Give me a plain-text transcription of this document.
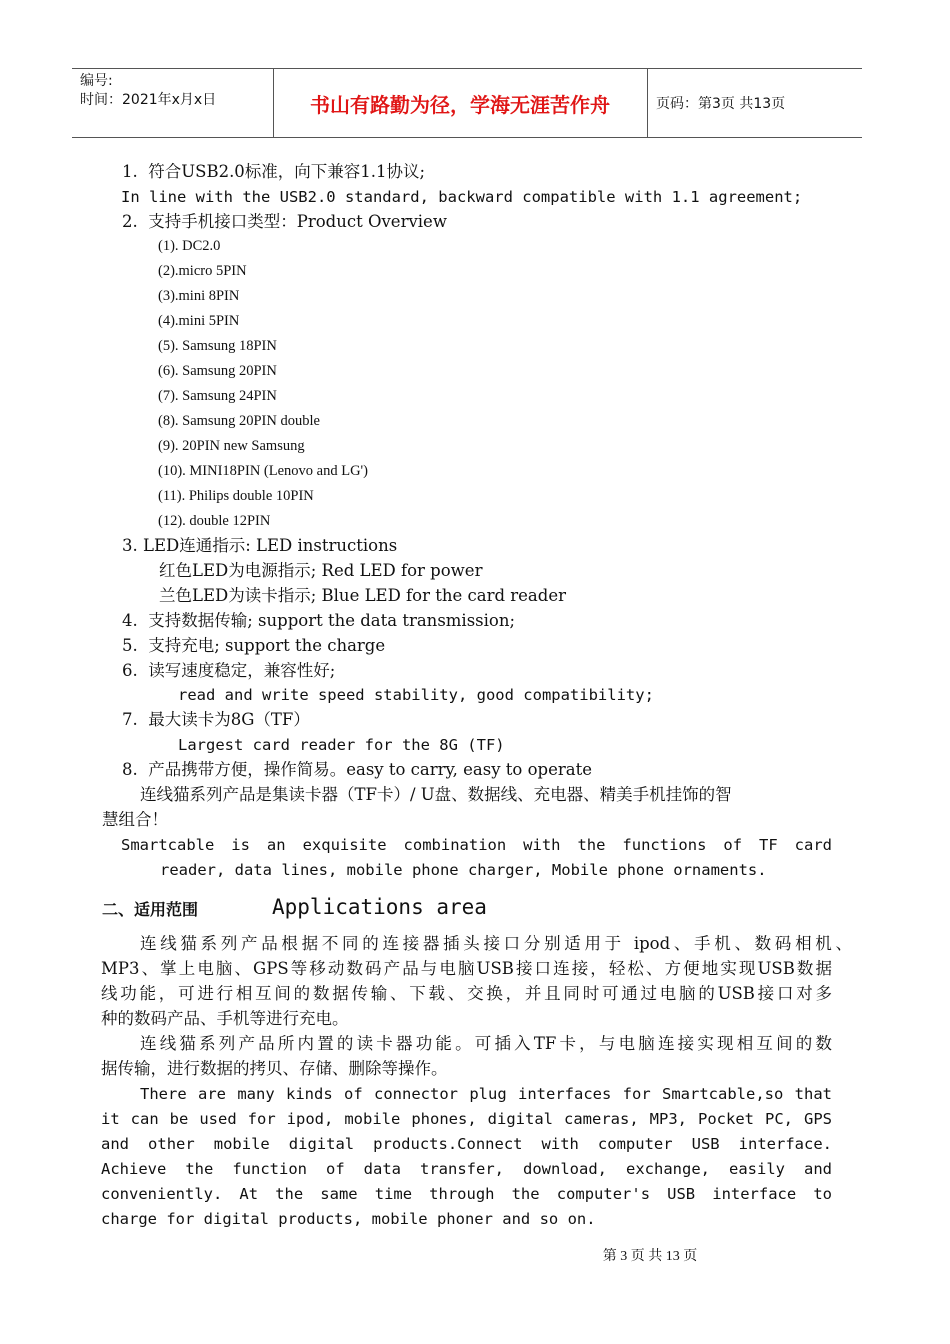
编号:
时间：2021年x月x日	书山有路勤为径，学海无涯苦作舟	页码：第3页 共13页
1.  符合USB2.0标准，向下兼容1.1协议;
In line with the USB2.0 standard, backward compatible with 1.1 agreement;
2.  支持手机接口类型：Product Overview
(1). DC2.0
(2).micro 5PIN
(3).mini 8PIN
(4).mini 5PIN
(5). Samsung 18PIN
(6). Samsung 20PIN
(7). Samsung 24PIN
(8). Samsung 20PIN double
(9). 20PIN new Samsung
(10). MINI18PIN (Lenovo and LG')
(11). Philips double 10PIN
(12). double 12PIN
3. LED连通指示: LED instructions
红色LED为电源指示; Red LED for power
兰色LED为读卡指示; Blue LED for the card reader
4.  支持数据传输; support the data transmission;
5.  支持充电; support the charge
6.  读写速度稳定，兼容性好;
read and write speed stability, good compatibility;
7.  最大读卡为8G（TF）
Largest card reader for the 8G (TF)
8.  产品携带方便，操作简易。easy to carry, easy to operate
连线猫系列产品是集读卡器（TF卡）/ U盘、数据线、充电器、精美手机挂饰的智
慧组合！
Smartcable is an exquisite combination with the functions of TF card
reader, data lines, mobile phone charger, Mobile phone ornaments.
二、适用范围	Applications area
连线猫系列产品根据不同的连接器插头接口分别适用于 ipod、手机、数码相机、
MP3、掌上电脑、GPS等移动数码产品与电脑USB接口连接，轻松、方便地实现USB数据
线功能，可进行相互间的数据传输、下载、交换，并且同时可通过电脑的USB接口对多
种的数码产品、手机等进行充电。
连线猫系列产品所内置的读卡器功能。可插入TF卡，与电脑连接实现相互间的数
据传输，进行数据的拷贝、存储、删除等操作。
There are many kinds of connector plug interfaces for Smartcable,so that
it can be used for ipod, mobile phones, digital cameras, MP3, Pocket PC, GPS
and other mobile digital products.Connect with computer USB interface.
Achieve the function of data transfer, download, exchange, easily and
conveniently. At the same time through the computer's USB interface to
charge for digital products, mobile phoner and so on.
第 3 页 共 13 页
